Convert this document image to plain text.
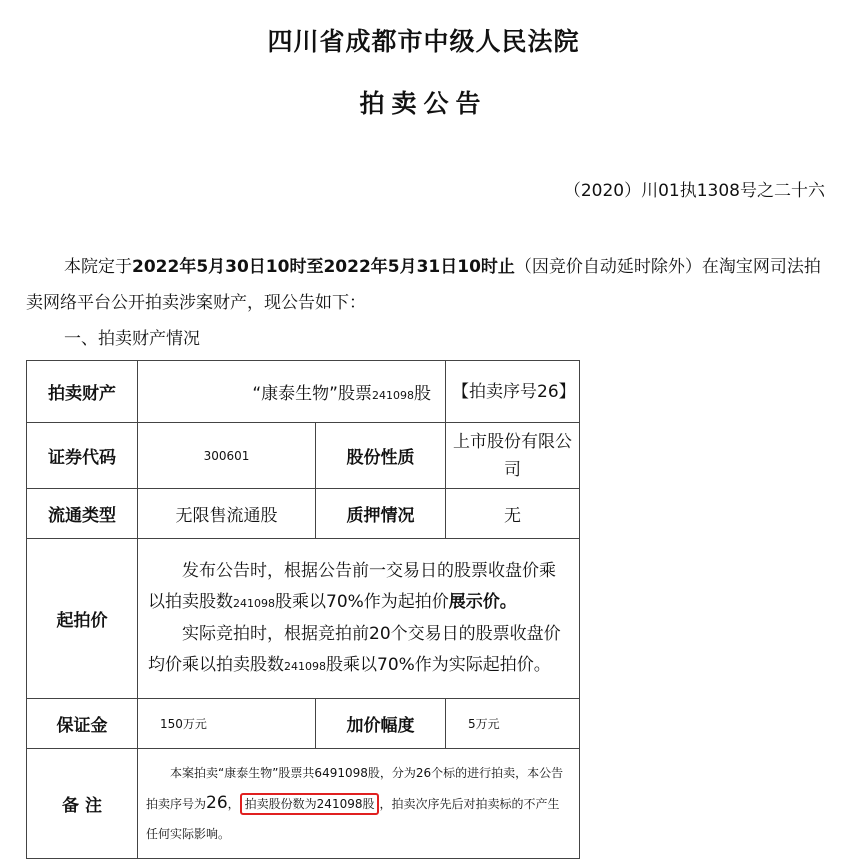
四川省成都市中级人民法院
拍卖公告
（2020）川01执1308号之二十六
本院定于2022年5月30日10时至2022年5月31日10时止（因竞价自动延时除外）在淘宝网司法拍卖网络平台公开拍卖涉案财产，现公告如下：
一、拍卖财产情况
拍卖财产	“康泰生物”股票241098股		【拍卖序号26】
证券代码	300601	股份性质	上市股份有限公司
流通类型	无限售流通股	质押情况	无
起拍价	发布公告时，根据公告前一交易日的股票收盘价乘以拍卖股数241098股乘以70%作为起拍价展示价。

实际竞拍时，根据竞拍前20个交易日的股票收盘价均价乘以拍卖股数241098股乘以70%作为实际起拍价。		

保证金	150万元	加价幅度	5万元
备 注	本案拍卖“康泰生物”股票共6491098股，分为26个标的进行拍卖，本公告拍卖序号为26， 拍卖股份数为241098股 ，拍卖次序先后对拍卖标的不产生任何实际影响。		
